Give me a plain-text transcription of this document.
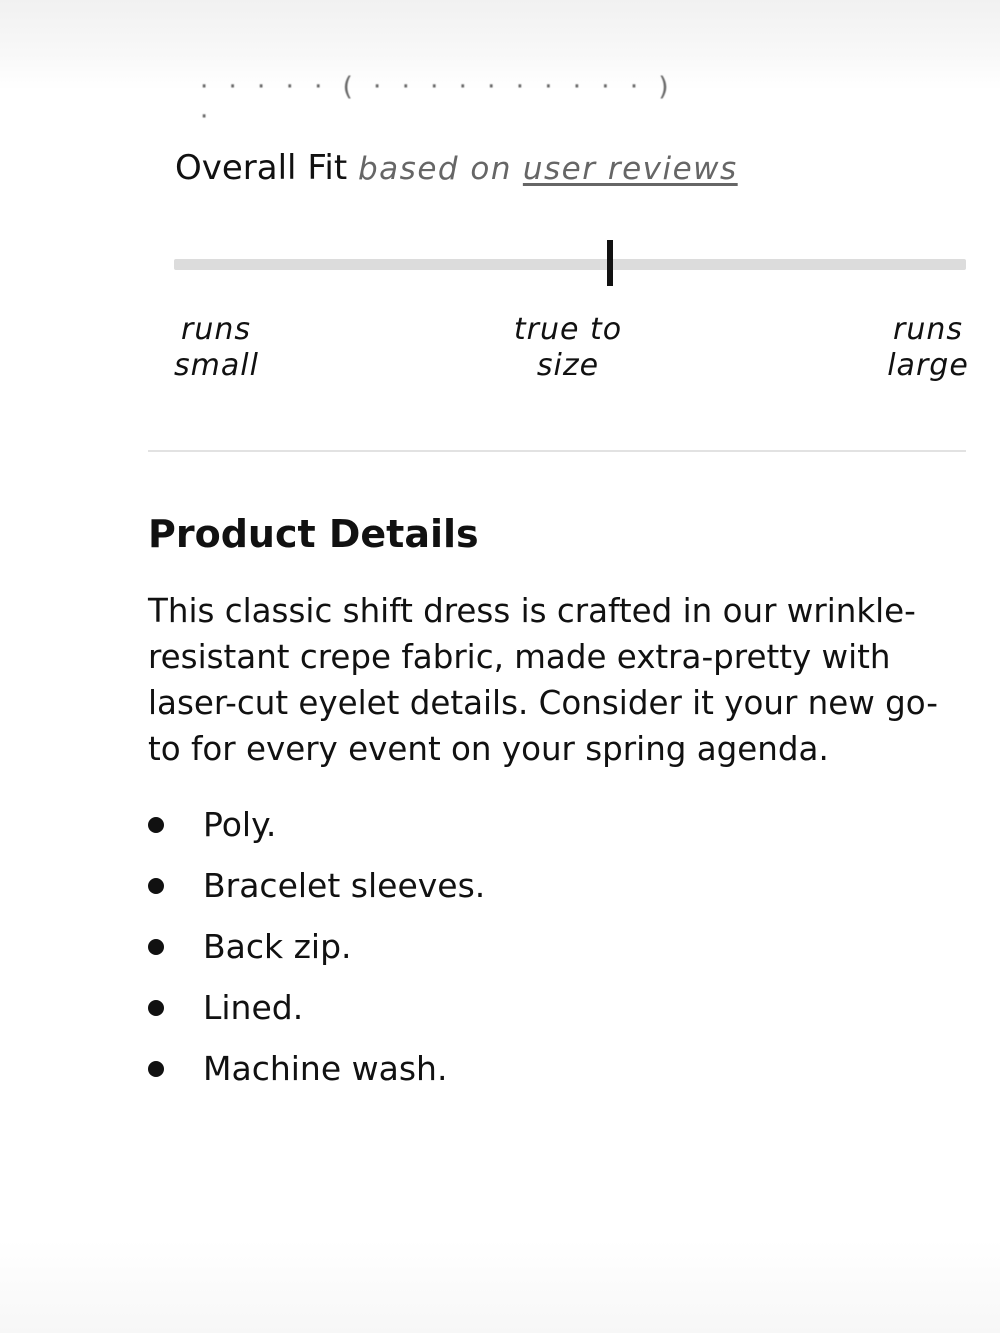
· · · · · ( · · · · · · · · · · ) ·
Overall Fit based on user reviews
runs
small
true to
size
runs
large
Product Details

This classic shift dress is crafted in our wrinkle-resistant crepe fabric, made extra-pretty with laser-cut eyelet details. Consider it your new go-to for every event on your spring agenda.

Poly.
Bracelet sleeves.
Back zip.
Lined.
Machine wash.
